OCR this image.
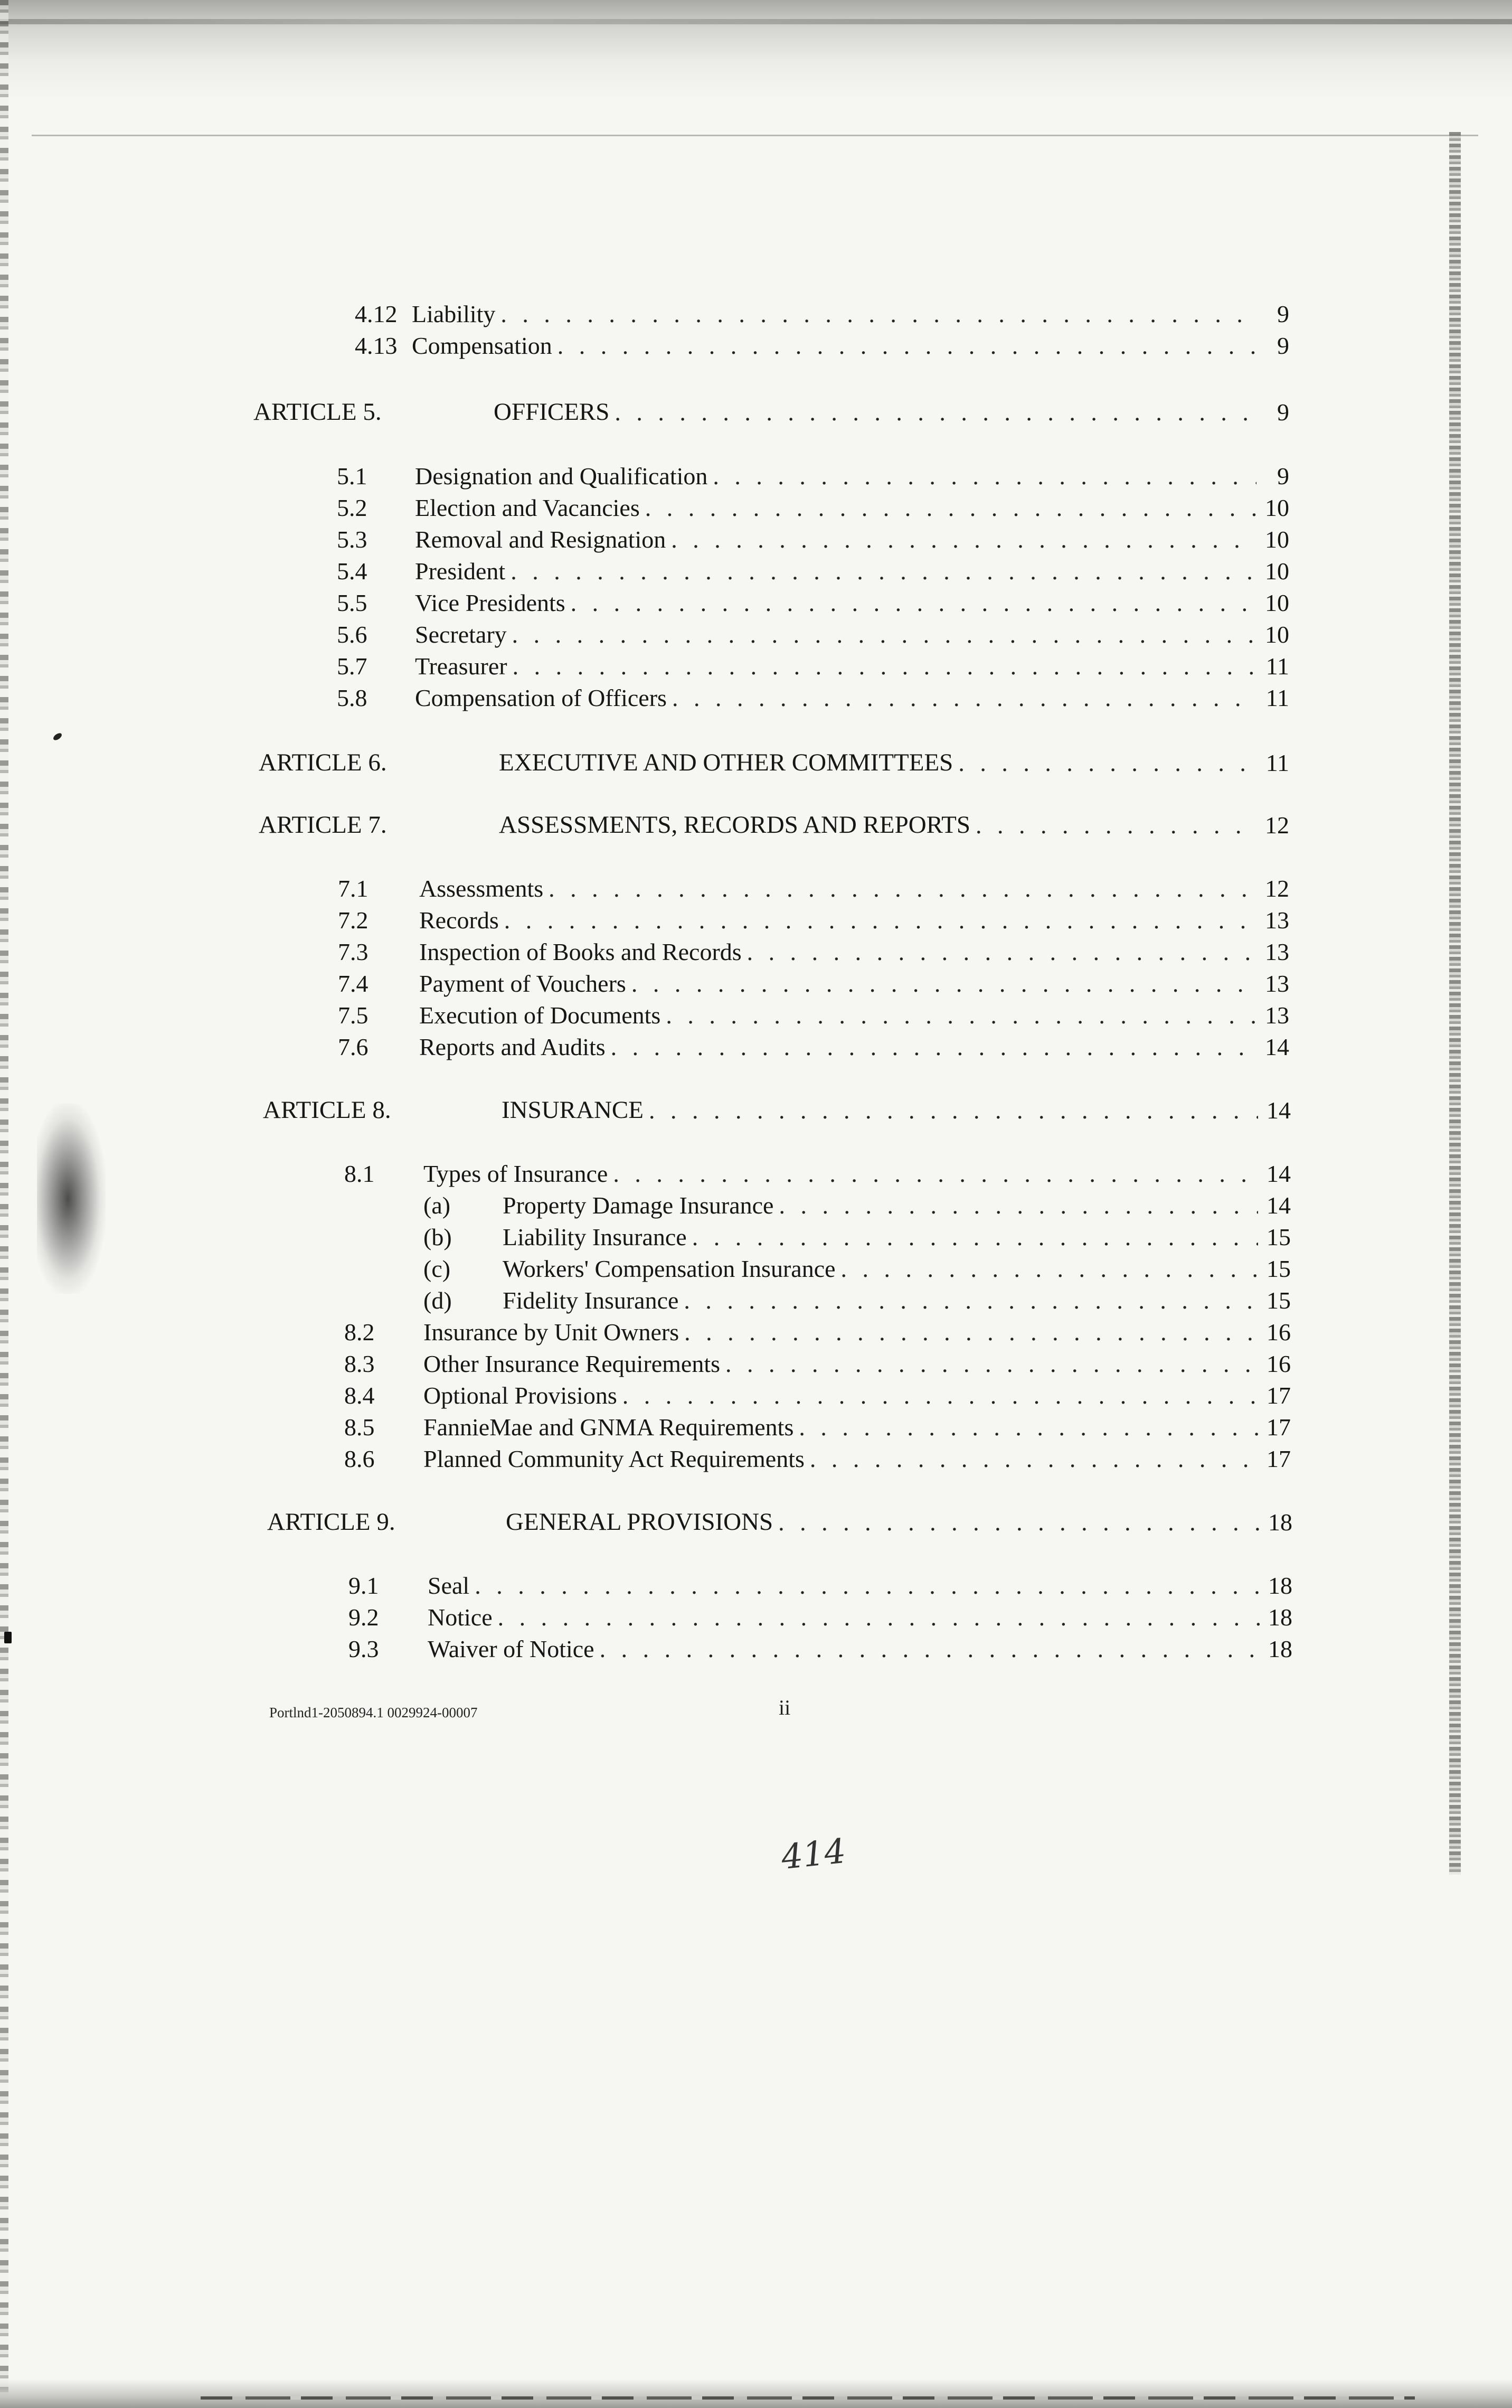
4.12 Liability . . .	9
4.13 Compensation . . .	9
ARTICLE 5.	OFFICERS . . .	9
5.1	Designation and Qualification . . .	9
5.2	Election and Vacancies . . .	10
5.3	Removal and Resignation . . .	10
5.4	President . . .	10
5.5	Vice Presidents . . .	10
5.6	Secretary . . .	10
5.7	Treasurer . . .	11
5.8	Compensation of Officers . . .	11
ARTICLE 6.	EXECUTIVE AND OTHER COMMITTEES . . .	11
ARTICLE 7.	ASSESSMENTS, RECORDS AND REPORTS . . .	12
7.1	Assessments . . .	12
7.2	Records . . .	13
7.3	Inspection of Books and Records . . .	13
7.4	Payment of Vouchers . . .	13
7.5	Execution of Documents . . .	13
7.6	Reports and Audits . . .	14
ARTICLE 8.	INSURANCE . . .	14
8.1	Types of Insurance . . .	14
(a)	Property Damage Insurance . . .	14
(b)	Liability Insurance . . .	15
(c)	Workers' Compensation Insurance . . .	15
(d)	Fidelity Insurance . . .	15
8.2	Insurance by Unit Owners . . .	16
8.3	Other Insurance Requirements . . .	16
8.4	Optional Provisions . . .	17
8.5	FannieMae and GNMA Requirements . . .	17
8.6	Planned Community Act Requirements . . .	17
ARTICLE 9.	GENERAL PROVISIONS . . .	18
9.1	Seal . . .	18
9.2	Notice . . .	18
9.3	Waiver of Notice . . .	18
Portlnd1-2050894.1 0029924-00007	ii
414
